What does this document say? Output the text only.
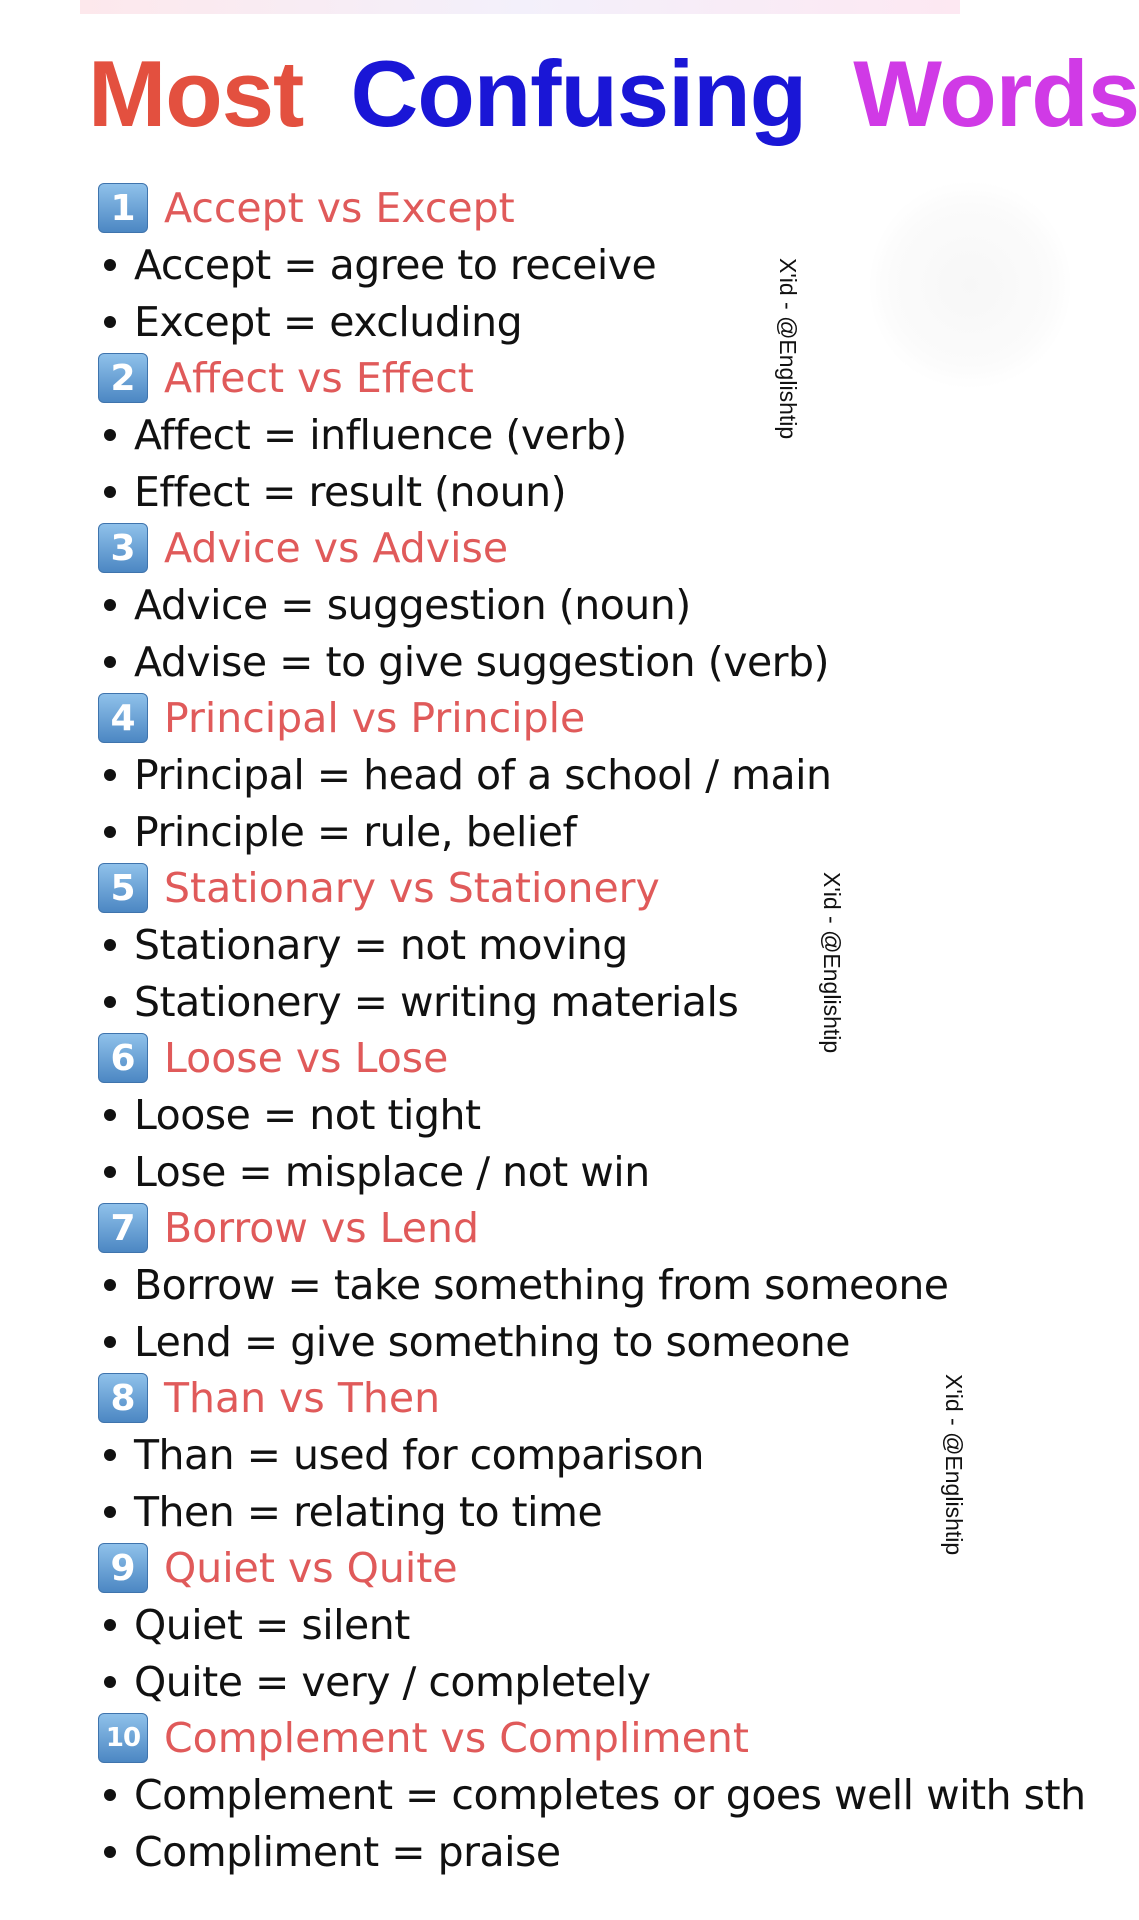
Most Confusing Words
1 Accept vs Except
Accept = agree to receive
Except = excluding
2 Affect vs Effect
Affect = influence (verb)
Effect = result (noun)
3 Advice vs Advise
Advice = suggestion (noun)
Advise = to give suggestion (verb)
4 Principal vs Principle
Principal = head of a school / main
Principle = rule, belief
5 Stationary vs Stationery
Stationary = not moving
Stationery = writing materials
6 Loose vs Lose
Loose = not tight
Lose = misplace / not win
7 Borrow vs Lend
Borrow = take something from someone
Lend = give something to someone
8 Than vs Then
Than = used for comparison
Then = relating to time
9 Quiet vs Quite
Quiet = silent
Quite = very / completely
10 Complement vs Compliment
Complement = completes or goes well with sth
Compliment = praise
X'id - @Englishtip
X'id - @Englishtip
X'id - @Englishtip
